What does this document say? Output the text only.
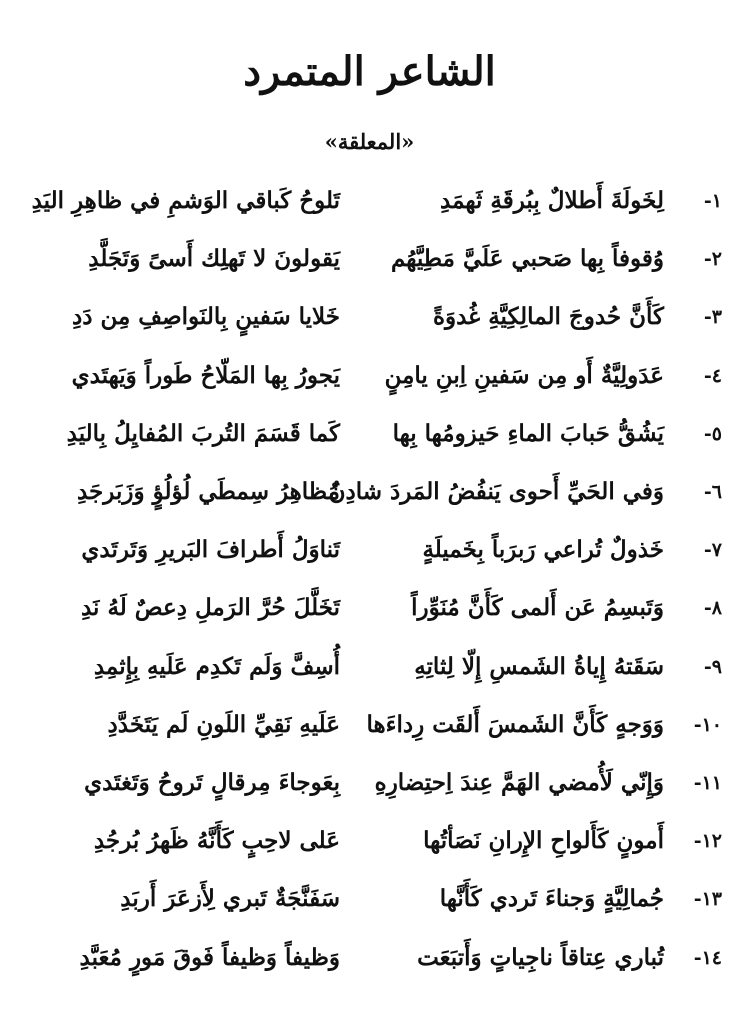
الشاعر المتمرد
«المعلقة»
١-
لِخَولَةَ أَطلالٌ بِبُرقَةِ ثَهمَدِ
تَلوحُ كَباقي الوَشمِ في ظاهِرِ اليَدِ
٢-
وُقوفاً بِها صَحبي عَلَيَّ مَطِيَّهُم
يَقولونَ لا تَهلِك أَسىً وَتَجَلَّدِ
٣-
كَأَنَّ حُدوجَ المالِكِيَّةِ غُدوَةً
خَلايا سَفينٍ بِالنَواصِفِ مِن دَدِ
٤-
عَدَولِيَّةٌ أَو مِن سَفينِ اِبنِ يامِنٍ
يَجورُ بِها المَلّاحُ طَوراً وَيَهتَدي
٥-
يَشُقُّ حَبابَ الماءِ حَيزومُها بِها
كَما قَسَمَ التُربَ المُفايِلُ بِاليَدِ
٦-
وَفي الحَيِّ أَحوى يَنفُضُ المَردَ شادِنٌ
مُظاهِرُ سِمطَي لُؤلُؤٍ وَزَبَرجَدِ
٧-
خَذولٌ تُراعي رَبرَباً بِخَميلَةٍ
تَناوَلُ أَطرافَ البَريرِ وَتَرتَدي
٨-
وَتَبسِمُ عَن أَلمى كَأَنَّ مُنَوِّراً
تَخَلَّلَ حُرَّ الرَملِ دِعصٌ لَهُ نَدِ
٩-
سَقَتهُ إِياةُ الشَمسِ إِلّا لِثاتِهِ
أُسِفَّ وَلَم تَكدِم عَلَيهِ بِإِثمِدِ
١٠-
وَوَجهٍ كَأَنَّ الشَمسَ أَلقَت رِداءَها
عَلَيهِ نَقِيِّ اللَونِ لَم يَتَخَدَّدِ
١١-
وَإِنّي لَأُمضي الهَمَّ عِندَ اِحتِضارِهِ
بِعَوجاءَ مِرقالٍ تَروحُ وَتَغتَدي
١٢-
أَمونٍ كَأَلواحِ الإِرانِ نَصَأتُها
عَلى لاحِبٍ كَأَنَّهُ ظَهرُ بُرجُدِ
١٣-
جُمالِيَّةٍ وَجناءَ تَردي كَأَنَّها
سَفَنَّجَةٌ تَبري لِأَزعَرَ أَربَدِ
١٤-
تُباري عِتاقاً ناجِياتٍ وَأَتبَعَت
وَظيفاً وَظيفاً فَوقَ مَورٍ مُعَبَّدِ
